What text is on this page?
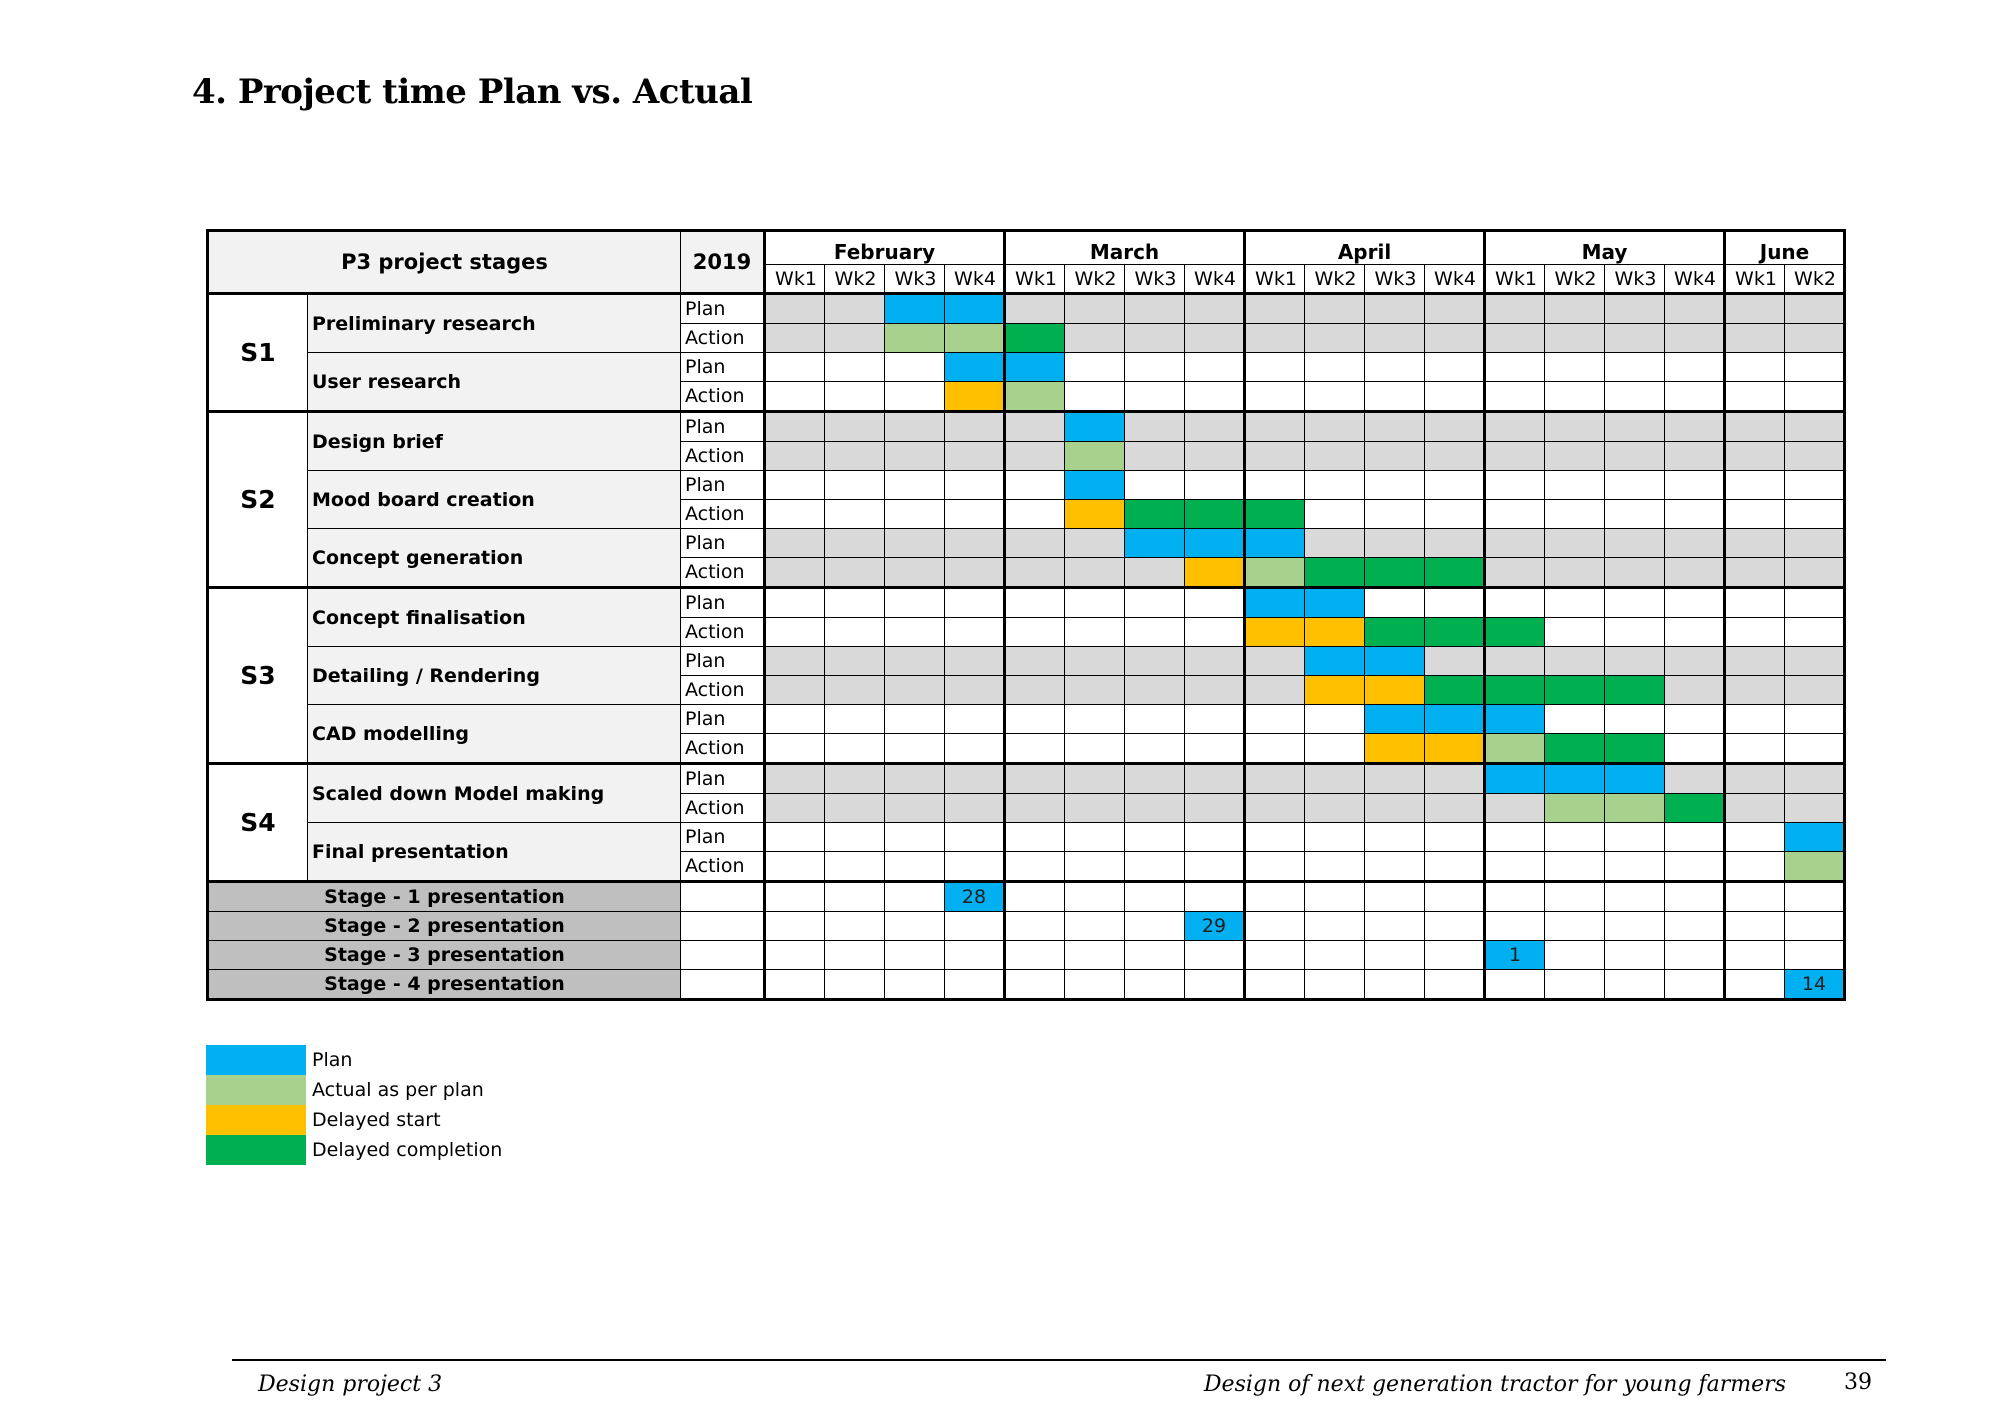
4. Project time Plan vs. Actual
P3 project stages		2019	February				March				April				May				June	
			Wk1	Wk2	Wk3	Wk4	Wk1	Wk2	Wk3	Wk4	Wk1	Wk2	Wk3	Wk4	Wk1	Wk2	Wk3	Wk4	Wk1	Wk2
S1	Preliminary research	Plan																		
		Action																		
	User research	Plan																		
		Action																		
S2	Design brief	Plan																		
		Action																		
	Mood board creation	Plan																		
		Action																		
	Concept generation	Plan																		
		Action																		
S3	Concept finalisation	Plan																		
		Action																		
	Detailing / Rendering	Plan																		
		Action																		
	CAD modelling	Plan																		
		Action																		
S4	Scaled down Model making	Plan																		
		Action																		
	Final presentation	Plan																		
		Action																		
Stage - 1 presentation						28														
Stage - 2 presentation										29										
Stage - 3 presentation															1					
Stage - 4 presentation																				14
Plan
Actual as per plan
Delayed start
Delayed completion
Design project 3	Design of next generation tractor for young farmers	39
